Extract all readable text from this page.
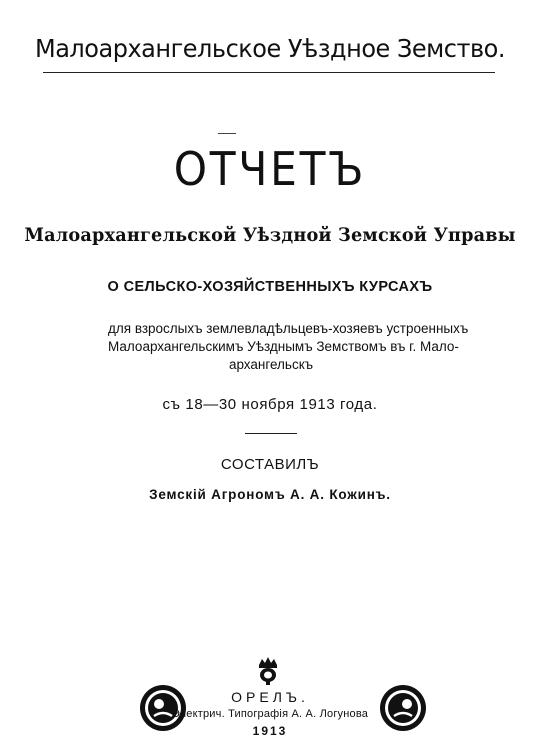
Малоархангельское Уѣздное Земство.
ОТЧЕТЪ
Малоархангельской Уѣздной Земской Управы
О СЕЛЬСКО-ХОЗЯЙСТВЕННЫХЪ КУРСАХЪ
для взрослыхъ землевладѣльцевъ-хозяевъ устроенныхъ
Малоархангельскимъ Уѣзднымъ Земствомъ въ г. Мало-
архангельскъ
съ 18—30 ноября 1913 года.
СОСТАВИЛЪ
Земскій Агрономъ А. А. Кожинъ.
ОРЕЛЪ.
Электрич. Типографія А. А. Логунова
1913
